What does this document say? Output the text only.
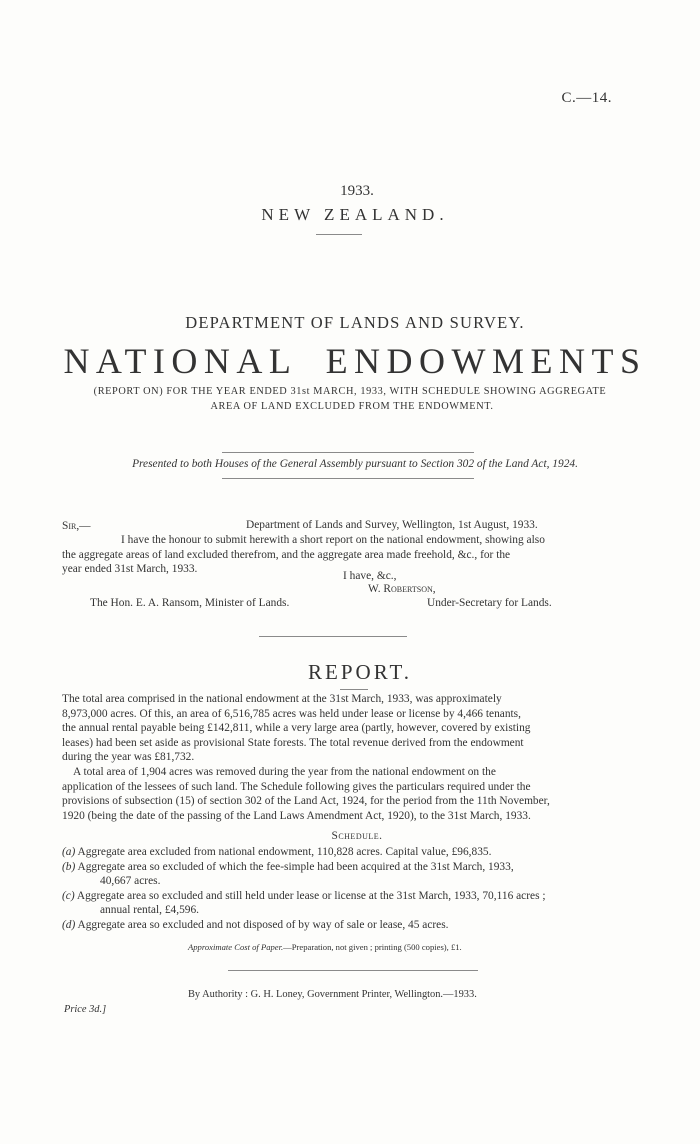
C.—14.
1933.
NEW ZEALAND.
DEPARTMENT OF LANDS AND SURVEY.
NATIONAL ENDOWMENTS
(REPORT ON) FOR THE YEAR ENDED 31st MARCH, 1933, WITH SCHEDULE SHOWING AGGREGATE
AREA OF LAND EXCLUDED FROM THE ENDOWMENT.
Presented to both Houses of the General Assembly pursuant to Section 302 of the Land Act, 1924.
Sir,—	Department of Lands and Survey, Wellington, 1st August, 1933.
I have the honour to submit herewith a short report on the national endowment, showing also
the aggregate areas of land excluded therefrom, and the aggregate area made freehold, &c., for the
year ended 31st March, 1933.
I have, &c.,
W. Robertson,
The Hon. E. A. Ransom, Minister of Lands.	Under-Secretary for Lands.
REPORT.
The total area comprised in the national endowment at the 31st March, 1933, was approximately
8,973,000 acres. Of this, an area of 6,516,785 acres was held under lease or license by 4,466 tenants,
the annual rental payable being £142,811, while a very large area (partly, however, covered by existing
leases) had been set aside as provisional State forests. The total revenue derived from the endowment
during the year was £81,732.
A total area of 1,904 acres was removed during the year from the national endowment on the
application of the lessees of such land. The Schedule following gives the particulars required under the
provisions of subsection (15) of section 302 of the Land Act, 1924, for the period from the 11th November,
1920 (being the date of the passing of the Land Laws Amendment Act, 1920), to the 31st March, 1933.
Schedule.
(a) Aggregate area excluded from national endowment, 110,828 acres. Capital value, £96,835.
(b) Aggregate area so excluded of which the fee-simple had been acquired at the 31st March, 1933,
40,667 acres.
(c) Aggregate area so excluded and still held under lease or license at the 31st March, 1933, 70,116 acres ;
annual rental, £4,596.
(d) Aggregate area so excluded and not disposed of by way of sale or lease, 45 acres.
Approximate Cost of Paper.—Preparation, not given ; printing (500 copies), £1.
By Authority : G. H. Loney, Government Printer, Wellington.—1933.
Price 3d.]
